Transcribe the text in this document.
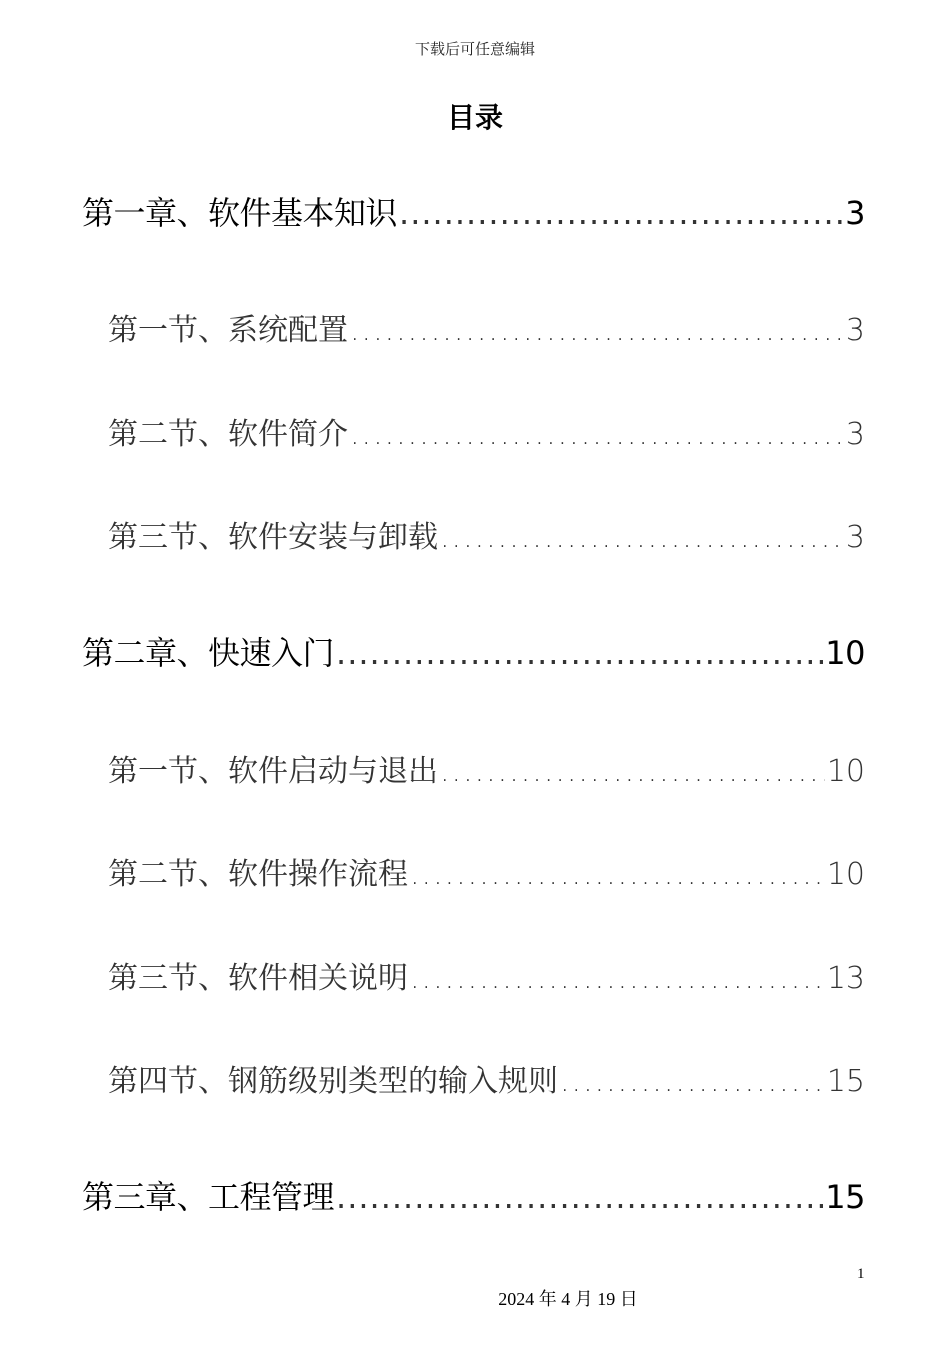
下载后可任意编辑
目录
第一章、软件基本知识 .....	3
第一节、系统配置 .....	3
第二节、软件简介 .....	3
第三节、软件安装与卸载 .....	3
第二章、快速入门 .....	10
第一节、软件启动与退出 .....	10
第二节、软件操作流程 .....	10
第三节、软件相关说明 .....	13
第四节、钢筋级别类型的输入规则 .....	15
第三章、工程管理 .....	15
1
2024 年 4 月 19 日
